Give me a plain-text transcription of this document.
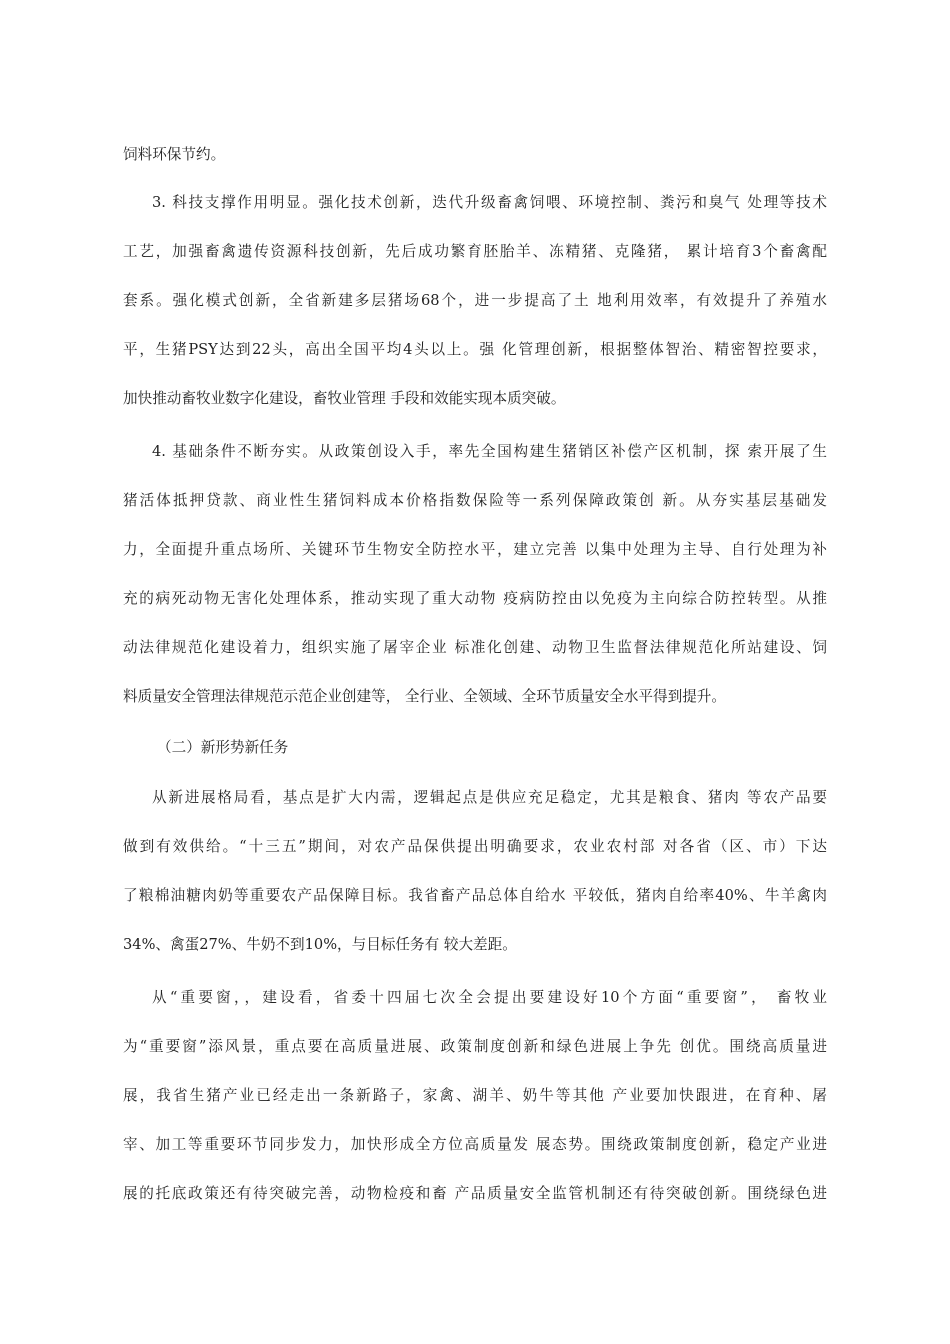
饲料环保节约。
3. 科技支撑作用明显。强化技术创新，迭代升级畜禽饲喂、环境控制、粪污和臭气 处理等技术
工艺，加强畜禽遗传资源科技创新，先后成功繁育胚胎羊、冻精猪、克隆猪， 累计培育3个畜禽配
套系。强化模式创新，全省新建多层猪场68个，进一步提高了土 地利用效率，有效提升了养殖水
平，生猪PSY达到22头，高出全国平均4头以上。强 化管理创新，根据整体智治、精密智控要求，
加快推动畜牧业数字化建设，畜牧业管理 手段和效能实现本质突破。
4. 基础条件不断夯实。从政策创设入手，率先全国构建生猪销区补偿产区机制，探 索开展了生
猪活体抵押贷款、商业性生猪饲料成本价格指数保险等一系列保障政策创 新。从夯实基层基础发
力，全面提升重点场所、关键环节生物安全防控水平，建立完善 以集中处理为主导、自行处理为补
充的病死动物无害化处理体系，推动实现了重大动物 疫病防控由以免疫为主向综合防控转型。从推
动法律规范化建设着力，组织实施了屠宰企业 标准化创建、动物卫生监督法律规范化所站建设、饲
料质量安全管理法律规范示范企业创建等， 全行业、全领域、全环节质量安全水平得到提升。
（二）新形势新任务
从新进展格局看，基点是扩大内需，逻辑起点是供应充足稳定，尤其是粮食、猪肉 等农产品要
做到有效供给。“十三五”期间，对农产品保供提出明确要求，农业农村部 对各省（区、市）下达
了粮棉油糖肉奶等重要农产品保障目标。我省畜产品总体自给水 平较低，猪肉自给率40%、牛羊禽肉
34%、禽蛋27%、牛奶不到10%，与目标任务有 较大差距。
从“重要窗，，建设看，省委十四届七次全会提出要建设好10个方面“重要窗”， 畜牧业
为“重要窗”添风景，重点要在高质量进展、政策制度创新和绿色进展上争先 创优。围绕高质量进
展，我省生猪产业已经走出一条新路子，家禽、湖羊、奶牛等其他 产业要加快跟进，在育种、屠
宰、加工等重要环节同步发力，加快形成全方位高质量发 展态势。围绕政策制度创新，稳定产业进
展的托底政策还有待突破完善，动物检疫和畜 产品质量安全监管机制还有待突破创新。围绕绿色进
